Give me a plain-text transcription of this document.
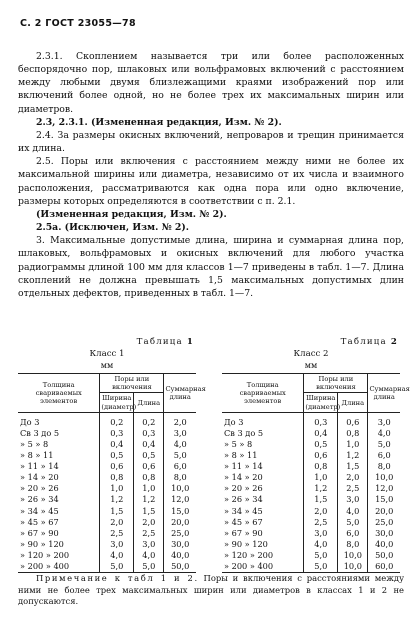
С. 2 ГОСТ 23055—78

2.3.1. Скоплением называется три или более расположенных беспорядочно пор, шлаковых или вольфрамовых включений с расстоянием между любыми двумя близлежащими краями изображений пор или включений более одной, но не более трех их максимальных ширин или диаметров.

2.3, 2.3.1. (Измененная редакция, Изм. № 2).

2.4. За размеры окисных включений, непроваров и трещин принимается их длина.

2.5. Поры или включения с расстоянием между ними не более их максимальной ширины или диаметра, независимо от их числа и взаимного расположения, рассматриваются как одна пора или одно включение, размеры которых определяются в соответствии с п. 2.1.

(Измененная редакция, Изм. № 2).

2.5а. (Исключен, Изм. № 2).

3. Максимальные допустимые длина, ширина и суммарная длина пор, шлаковых, вольфрамовых и окисных включений для любого участка радиограммы длиной 100 мм для классов 1—7 приведены в табл. 1—7. Длина скоплений не должна превышать 1,5 максимальных допустимых длин отдельных дефектов, приведенных в табл. 1—7.

Таблица 1
Класс 1
мм
Толщина свариваемых элементов	Поры или включения		Суммарная длина
	Ширина (диаметр)	Длина	
До 3	0,2	0,2	2,0
Св 3 до 5	0,3	0,3	3,0
» 5 » 8	0,4	0,4	4,0
» 8 » 11	0,5	0,5	5,0
» 11 » 14	0,6	0,6	6,0
» 14 » 20	0,8	0,8	8,0
» 20 » 26	1,0	1,0	10,0
» 26 » 34	1,2	1,2	12,0
» 34 » 45	1,5	1,5	15,0
» 45 » 67	2,0	2,0	20,0
» 67 » 90	2,5	2,5	25,0
» 90 » 120	3,0	3,0	30,0
» 120 » 200	4,0	4,0	40,0
» 200 » 400	5,0	5,0	50,0
Таблица 2
Класс 2
мм
Толщина свариваемых элементов	Поры или включения		Суммарная длина
	Ширина (диаметр)	Длина	
До 3	0,3	0,6	3,0
Св 3 до 5	0,4	0,8	4,0
» 5 » 8	0,5	1,0	5,0
» 8 » 11	0,6	1,2	6,0
» 11 » 14	0,8	1,5	8,0
» 14 » 20	1,0	2,0	10,0
» 20 » 26	1,2	2,5	12,0
» 26 » 34	1,5	3,0	15,0
» 34 » 45	2,0	4,0	20,0
» 45 » 67	2,5	5,0	25,0
» 67 » 90	3,0	6,0	30,0
» 90 » 120	4,0	8,0	40,0
» 120 » 200	5,0	10,0	50,0
» 200 » 400	5,0	10,0	60,0
Примечание к табл 1 и 2. Поры и включения с расстояниями между ними не более трех максимальных ширин или диаметров в классах 1 и 2 не допускаются.
